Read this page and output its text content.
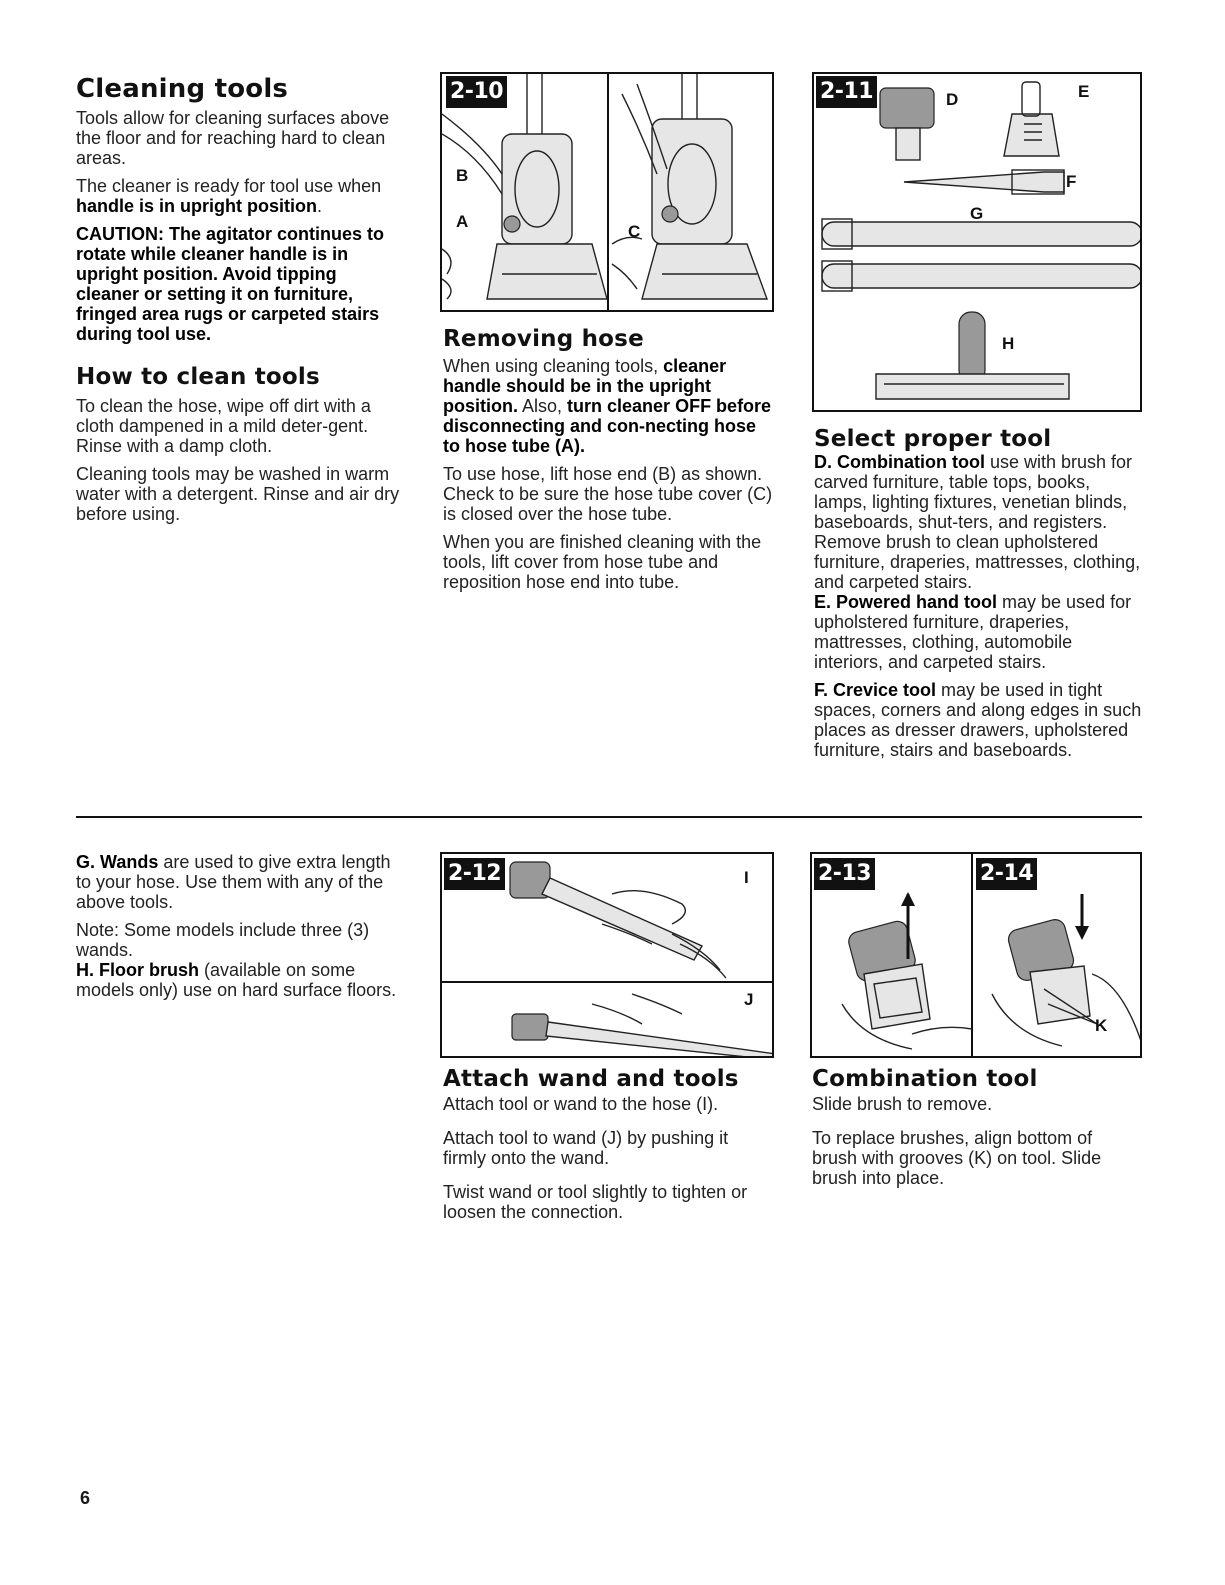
Cleaning tools

Tools allow for cleaning surfaces above the floor and for reaching hard to clean areas.

The cleaner is ready for tool use when handle is in upright position.

CAUTION: The agitator continues to rotate while cleaner handle is in upright position. Avoid tipping cleaner or setting it on furniture, fringed area rugs or carpeted stairs during tool use.

How to clean tools

To clean the hose, wipe off dirt with a cloth dampened in a mild deter-gent. Rinse with a damp cloth.

Cleaning tools may be washed in warm water with a detergent. Rinse and air dry before using.

2-10
B
A
C
Removing hose

When using cleaning tools, cleaner handle should be in the upright position. Also, turn cleaner OFF before disconnecting and con-necting hose to hose tube (A).

To use hose, lift hose end (B) as shown. Check to be sure the hose tube cover (C) is closed over the hose tube.

When you are finished cleaning with the tools, lift cover from hose tube and reposition hose end into tube.

2-11	D	E
F
G
H
Select proper tool

D. Combination tool use with brush for carved furniture, table tops, books, lamps, lighting fixtures, venetian blinds, baseboards, shut-ters, and registers.

Remove brush to clean upholstered furniture, draperies, mattresses, clothing, and carpeted stairs.

E. Powered hand tool may be used for upholstered furniture, draperies, mattresses, clothing, automobile interiors, and carpeted stairs.

F. Crevice tool may be used in tight spaces, corners and along edges in such places as dresser drawers, upholstered furniture, stairs and baseboards.

G. Wands are used to give extra length to your hose. Use them with any of the above tools.

Note: Some models include three (3) wands.

H. Floor brush (available on some models only) use on hard surface floors.

2-12	I
J
Attach wand and tools

Attach tool or wand to the hose (I).

Attach tool to wand (J) by pushing it firmly onto the wand.

Twist wand or tool slightly to tighten or loosen the connection.

2-13	2-14
K
Combination tool

Slide brush to remove.

To replace brushes, align bottom of brush with grooves (K) on tool. Slide brush into place.

6
